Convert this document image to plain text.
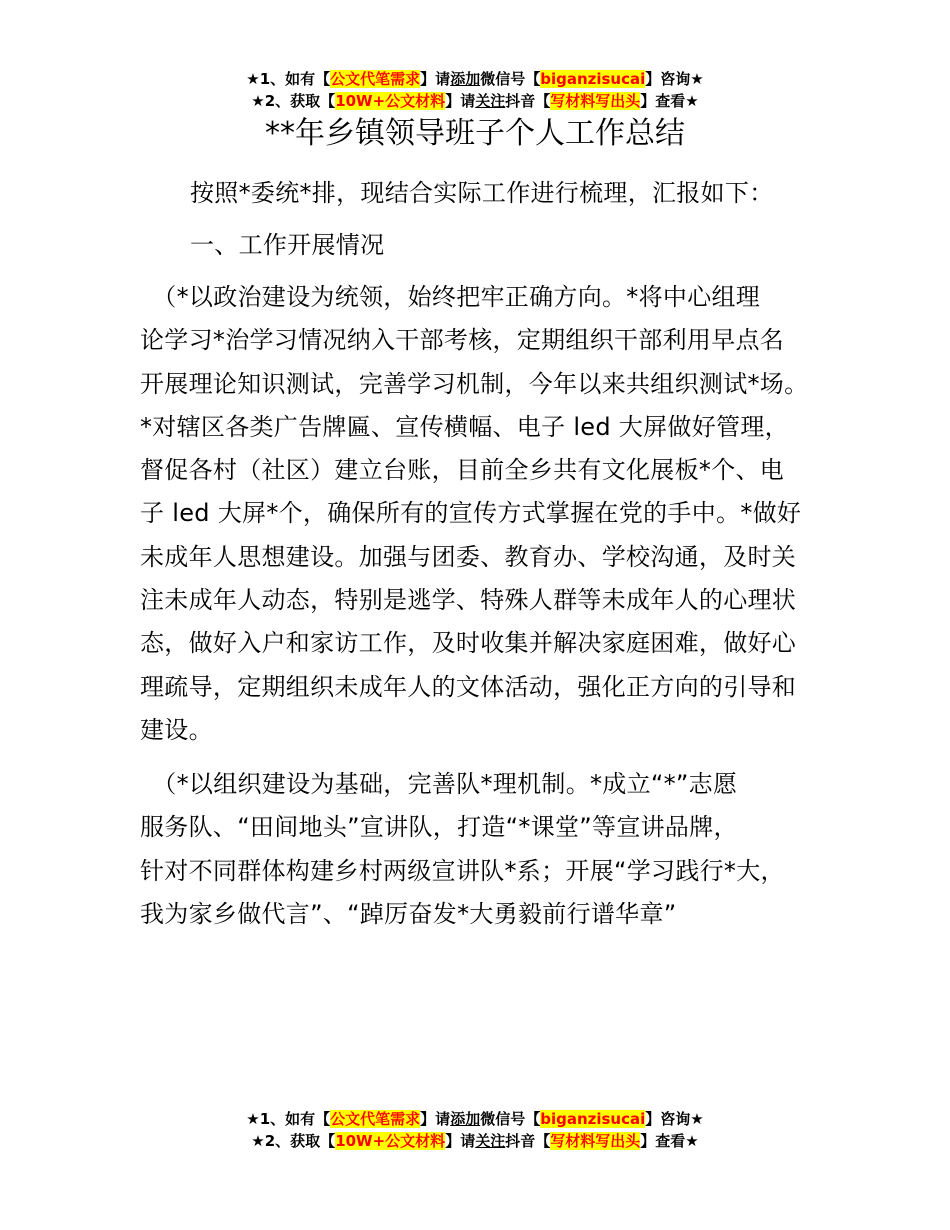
★1、如有【公文代笔需求】请添加微信号【biganzisucai】咨询★
★2、获取【10W+公文材料】请关注抖音【写材料写出头】查看★
**年乡镇领导班子个人工作总结
按照*委统*排，现结合实际工作进行梳理，汇报如下：
一、工作开展情况
　（*以政治建设为统领，始终把牢正确方向。*将中心组理
论学习*治学习情况纳入干部考核，定期组织干部利用早点名
开展理论知识测试，完善学习机制，今年以来共组织测试*场。
*对辖区各类广告牌匾、宣传横幅、电子 led 大屏做好管理，
督促各村（社区）建立台账，目前全乡共有文化展板*个、电
子 led 大屏*个，确保所有的宣传方式掌握在党的手中。*做好
未成年人思想建设。加强与团委、教育办、学校沟通，及时关
注未成年人动态，特别是逃学、特殊人群等未成年人的心理状
态，做好入户和家访工作，及时收集并解决家庭困难，做好心
理疏导，定期组织未成年人的文体活动，强化正方向的引导和
建设。
　（*以组织建设为基础，完善队*理机制。*成立“*”志愿
服务队、“田间地头”宣讲队，打造“*课堂”等宣讲品牌，
针对不同群体构建乡村两级宣讲队*系；开展“学习践行*大，
我为家乡做代言”、“踔厉奋发*大勇毅前行谱华章”
★1、如有【公文代笔需求】请添加微信号【biganzisucai】咨询★
★2、获取【10W+公文材料】请关注抖音【写材料写出头】查看★
